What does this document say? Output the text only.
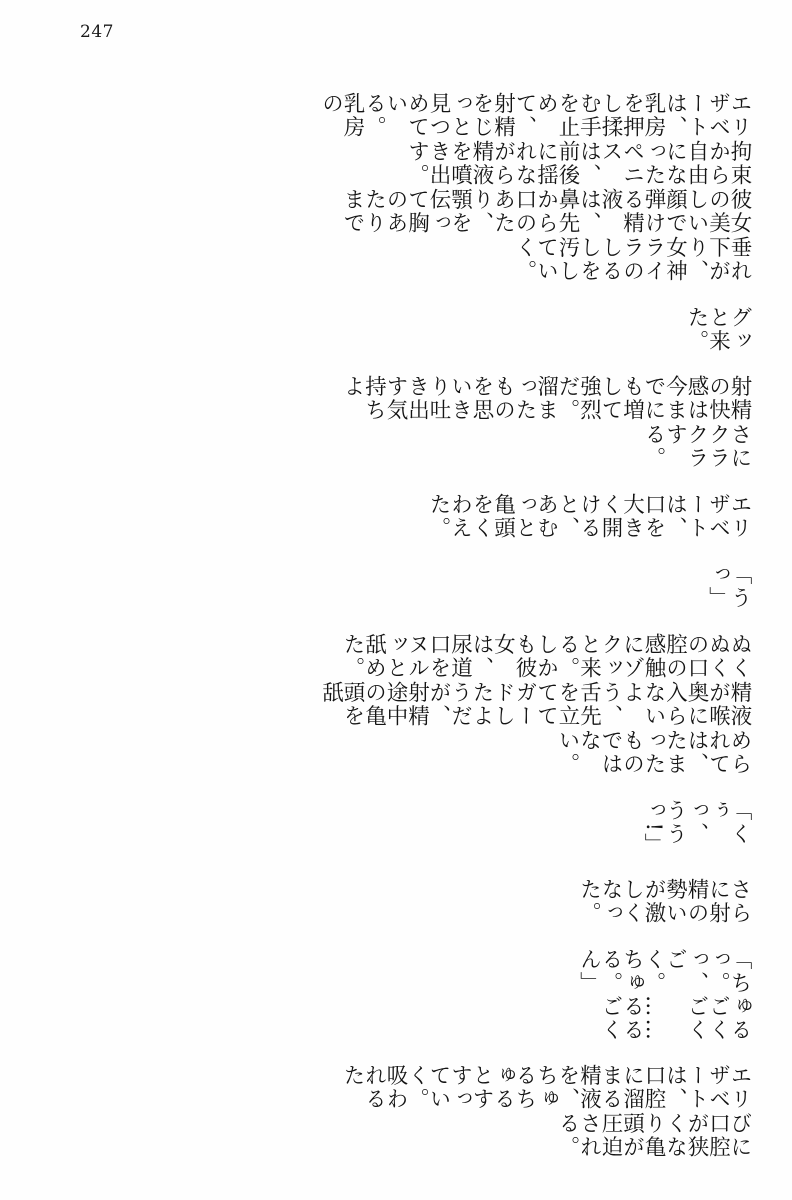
247
エリザベートは、乳房を押し揉む手を止めて、射精をじっと見つめている。乳房の
拘束から自由になったペニスは、前後に揺れながら精液を噴き出す。
彼女の美しい顔で弾ける精液は、鼻先から口のあたり、顎を伝って胸のあたりまで
垂れ下がり、女神ライラのしるしを汚していく。
グッと来た。
射精の快感は今までにも増して強烈だ。溜まったものを思いきり吐き出す気持ちよ
さにクラクラする。
エリザベートは、口を大きく開けると、あむっと亀頭をくわえた。
「うっ」
ぬくぬくの口腔の感触にゾクッと来る。しかも彼女は、尿道口をヌルッと舐めた。
精液が喉奥に入らないよう、舌先を立ててガードしたようだが、射精途中の亀頭を舐
められては、たまったものではない。
「くぅっ、ううっ!」
さらに射精の勢いが激しくなった。
「ちゅるっ。ごくっ、ごくごく。……ちゅるるる。ごくん」
エリザベートは、口腔に溜まる精液を、ちゅるちゅるとすすっていく。吸われるた
びに口腔が狭くなり亀頭が圧迫される。
